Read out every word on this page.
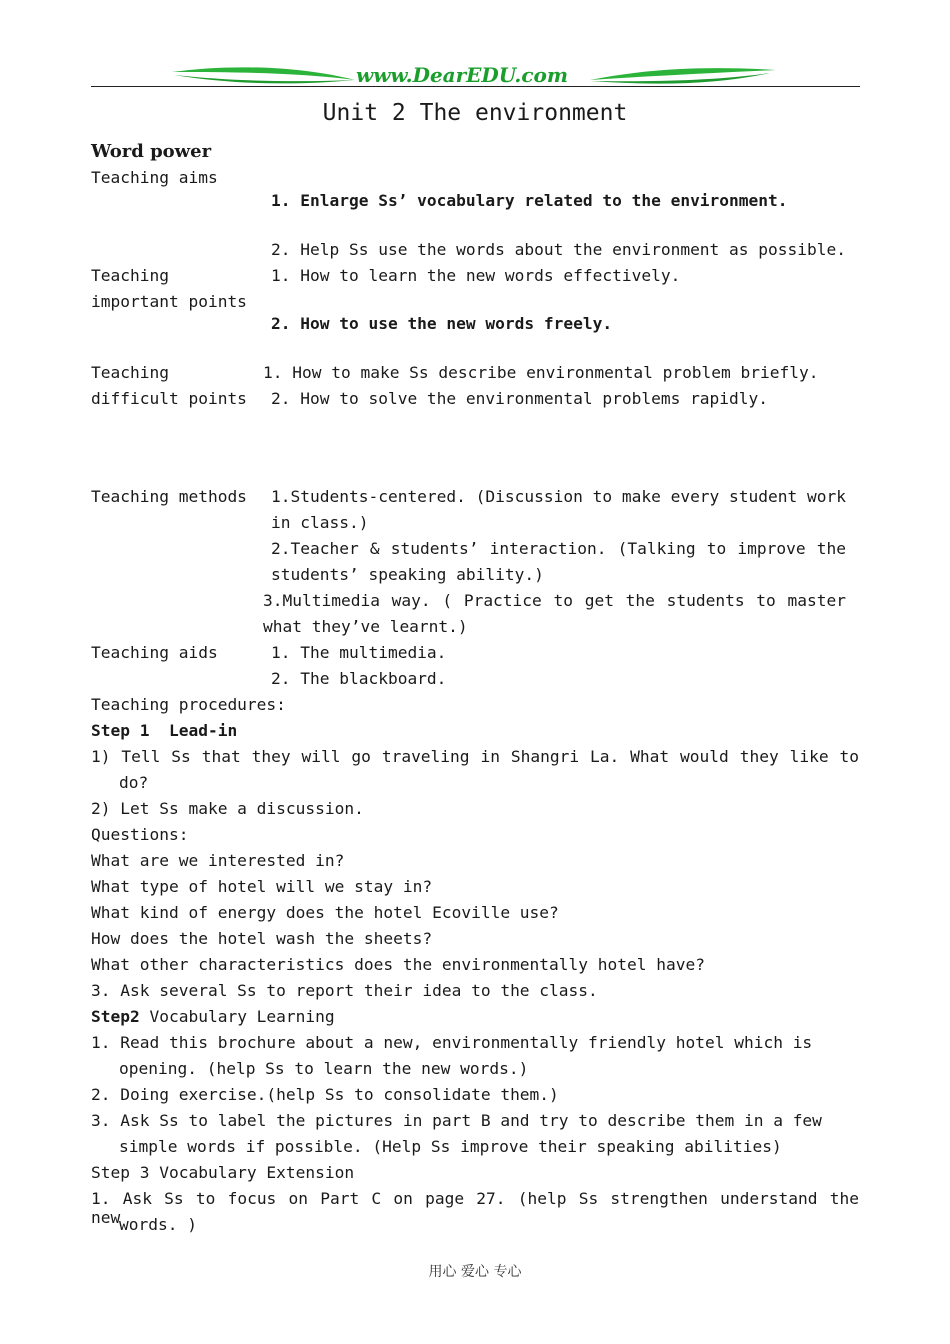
www.DearEDU.com
Unit 2 The environment
Word power
Teaching aims
1. Enlarge Ss’ vocabulary related to the environment.
2. Help Ss use the words about the environment as possible.
Teaching
important points
1. How to learn the new words effectively.
2. How to use the new words freely.
Teaching
difficult points
1. How to make Ss describe environmental problem briefly.
2. How to solve the environmental problems rapidly.
Teaching methods 1.Students-centered. (Discussion to make every student work
in class.)
2.Teacher & students’ interaction. (Talking to improve the
students’ speaking ability.)
3.Multimedia way. ( Practice to get the students to master
what they’ve learnt.)
Teaching aids	1. The multimedia.
2. The blackboard.
Teaching procedures:
Step 1  Lead-in
1) Tell Ss that they will go traveling in Shangri La. What would they like to
do?
2) Let Ss make a discussion.
Questions:
What are we interested in?
What type of hotel will we stay in?
What kind of energy does the hotel Ecoville use?
How does the hotel wash the sheets?
What other characteristics does the environmentally hotel have?
3. Ask several Ss to report their idea to the class.
Step2 Vocabulary Learning
1. Read this brochure about a new, environmentally friendly hotel which is
opening. (help Ss to learn the new words.)
2. Doing exercise.(help Ss to consolidate them.)
3. Ask Ss to label the pictures in part B and try to describe them in a few
simple words if possible. (Help Ss improve their speaking abilities)
Step 3 Vocabulary Extension
1. Ask Ss to focus on Part C on page 27. (help Ss strengthen understand the new
words. )
用心 爱心 专心
